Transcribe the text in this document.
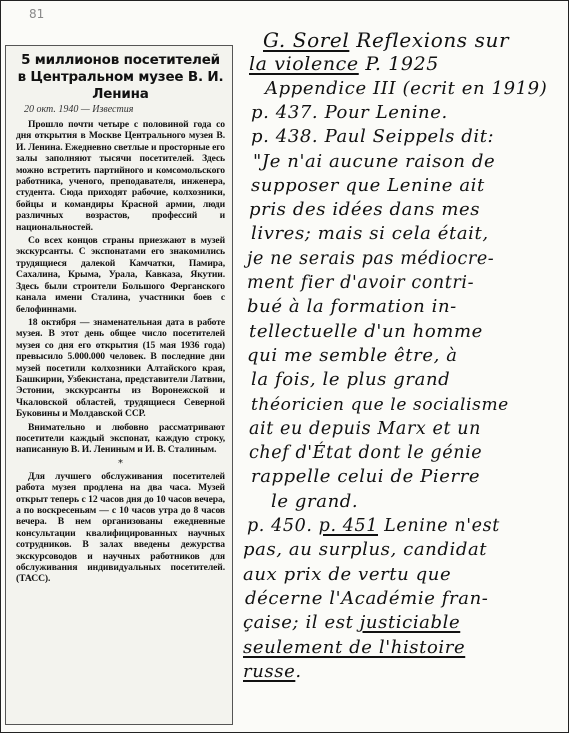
81
5 миллионов посетителей в Центральном музее В. И. Ленина
20 окт. 1940 — Известия

Прошло почти четыре с половиной года со дня открытия в Москве Центрального музея В. И. Ленина. Ежедневно светлые и просторные его залы заполняют тысячи посетителей. Здесь можно встретить партийного и комсомольского работника, ученого, преподавателя, инженера, студента. Сюда приходят рабочие, колхозники, бойцы и командиры Красной армии, люди различных возрастов, профессий и национальностей.

Со всех концов страны приезжают в музей экскурсанты. С экспонатами его знакомились трудящиеся далекой Камчатки, Памира, Сахалина, Крыма, Урала, Кавказа, Якутии. Здесь были строители Большого Ферганского канала имени Сталина, участники боев с белофиннами.

18 октября — знаменательная дата в работе музея. В этот день общее число посетителей музея со дня его открытия (15 мая 1936 года) превысило 5.000.000 человек. В последние дни музей посетили колхозники Алтайского края, Башкирии, Узбекистана, представители Латвии, Эстонии, экскурсанты из Воронежской и Чкаловской областей, трудящиеся Северной Буковины и Молдавской ССР.

Внимательно и любовно рассматривают посетители каждый экспонат, каждую строку, написанную В. И. Лениным и И. В. Сталиным.

*

Для лучшего обслуживания посетителей работа музея продлена на два часа. Музей открыт теперь с 12 часов дня до 10 часов вечера, а по воскресеньям — с 10 часов утра до 8 часов вечера. В нем организованы ежедневные консультации квалифицированных научных сотрудников. В залах введены дежурства экскурсоводов и научных работников для обслуживания индивидуальных посетителей. (ТАСС).

G. Sorel Reflexions sur
la violence P. 1925
Appendice III (ecrit en 1919)
p. 437. Pour Lenine.
p. 438. Paul Seippels dit:
"Je n'ai aucune raison de
supposer que Lenine ait
pris des idées dans mes
livres; mais si cela était,
je ne serais pas médiocre-
ment fier d'avoir contri-
bué à la formation in-
tellectuelle d'un homme
qui me semble être, à
la fois, le plus grand
théoricien que le socialisme
ait eu depuis Marx et un
chef d'État dont le génie
rappelle celui de Pierre
le grand.
p. 450. p. 451 Lenine n'est
pas, au surplus, candidat
aux prix de vertu que
décerne l'Académie fran-
çaise; il est justiciable
seulement de l'histoire
russe.
